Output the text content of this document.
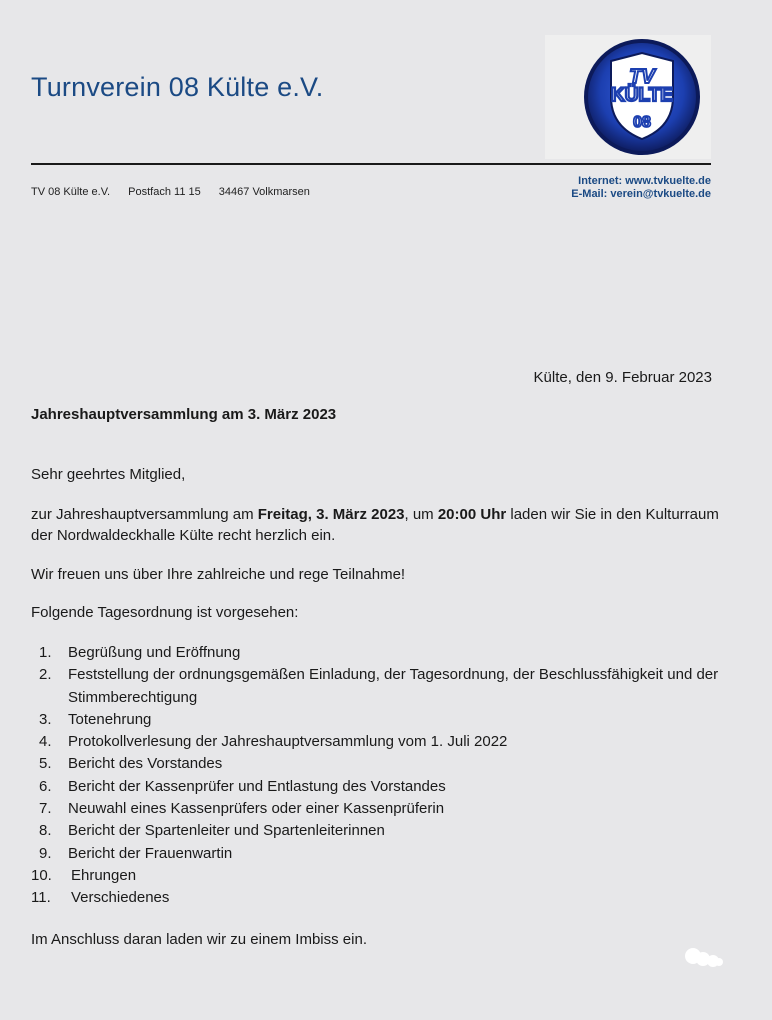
Turnverein 08 Külte e.V.	TV
KÜLTE
08
TV 08 Külte e.V. Postfach 11 15 34467 Volkmarsen
Internet: www.tvkuelte.de
E-Mail: verein@tvkuelte.de
Külte, den 9. Februar 2023
Jahreshauptversammlung am 3. März 2023
Sehr geehrtes Mitglied,
zur Jahreshauptversammlung am Freitag, 3. März 2023, um 20:00 Uhr laden wir Sie in den Kulturraum der Nordwaldeckhalle Külte recht herzlich ein.
Wir freuen uns über Ihre zahlreiche und rege Teilnahme!
Folgende Tagesordnung ist vorgesehen:
1.	Begrüßung und Eröffnung
2.	Feststellung der ordnungsgemäßen Einladung, der Tagesordnung, der Beschlussfähigkeit und der Stimmberechtigung
3.	Totenehrung
4.	Protokollverlesung der Jahreshauptversammlung vom 1. Juli 2022
5.	Bericht des Vorstandes
6.	Bericht der Kassenprüfer und Entlastung des Vorstandes
7.	Neuwahl eines Kassenprüfers oder einer Kassenprüferin
8.	Bericht der Spartenleiter und Spartenleiterinnen
9.	Bericht der Frauenwartin
10.	Ehrungen
11.	Verschiedenes
Im Anschluss daran laden wir zu einem Imbiss ein.
